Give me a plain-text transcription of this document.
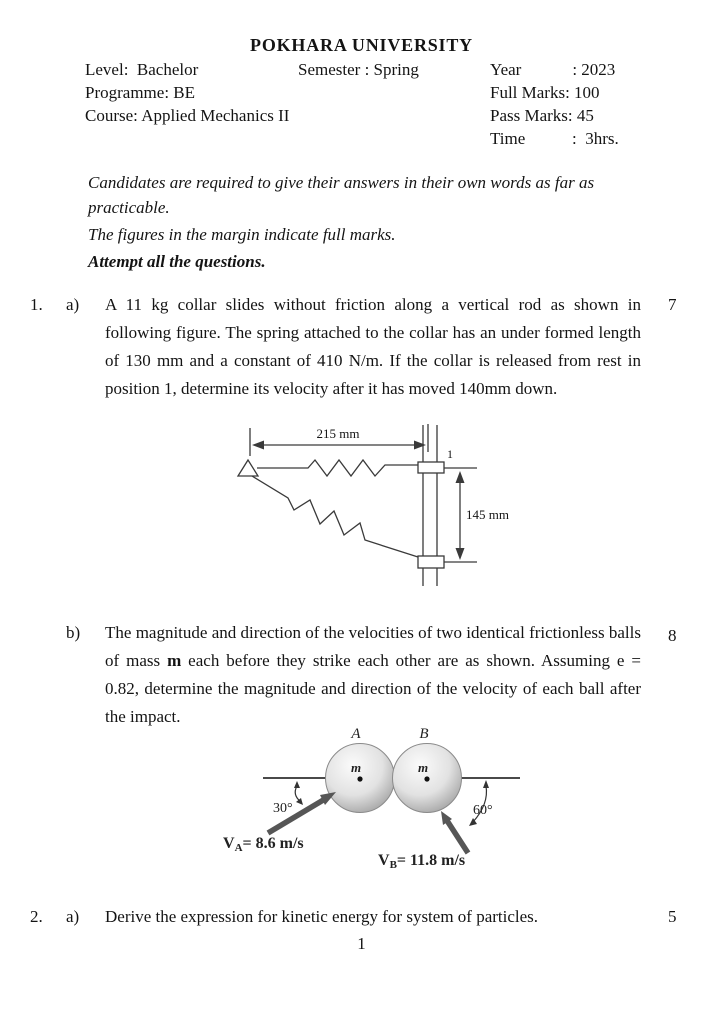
POKHARA UNIVERSITY
Level:  Bachelor
Programme: BE
Course: Applied Mechanics II
Semester : Spring	Year            : 2023
Full Marks: 100
Pass Marks: 45
Time           :  3hrs.
Candidates are required to give their answers in their own words as far as practicable.
The figures in the margin indicate full marks.
Attempt all the questions.
1. a) A 11 kg collar slides without friction along a vertical rod as shown in following figure. The spring attached to the collar has an under formed length of 130 mm and a constant of 410 N/m. If the collar is released from rest in position 1, determine its velocity after it has moved 140mm down.
7
215 mm
1
145 mm
b) The magnitude and direction of the velocities of two identical frictionless balls of mass m each before they strike each other are as shown. Assuming e = 0.82, determine the magnitude and direction of the velocity of each ball after the impact.
8
A	B
m	m
30°	60°
VA= 8.6 m/s
VB= 11.8 m/s
2. a) Derive the expression for kinetic energy for system of particles.	5
1
